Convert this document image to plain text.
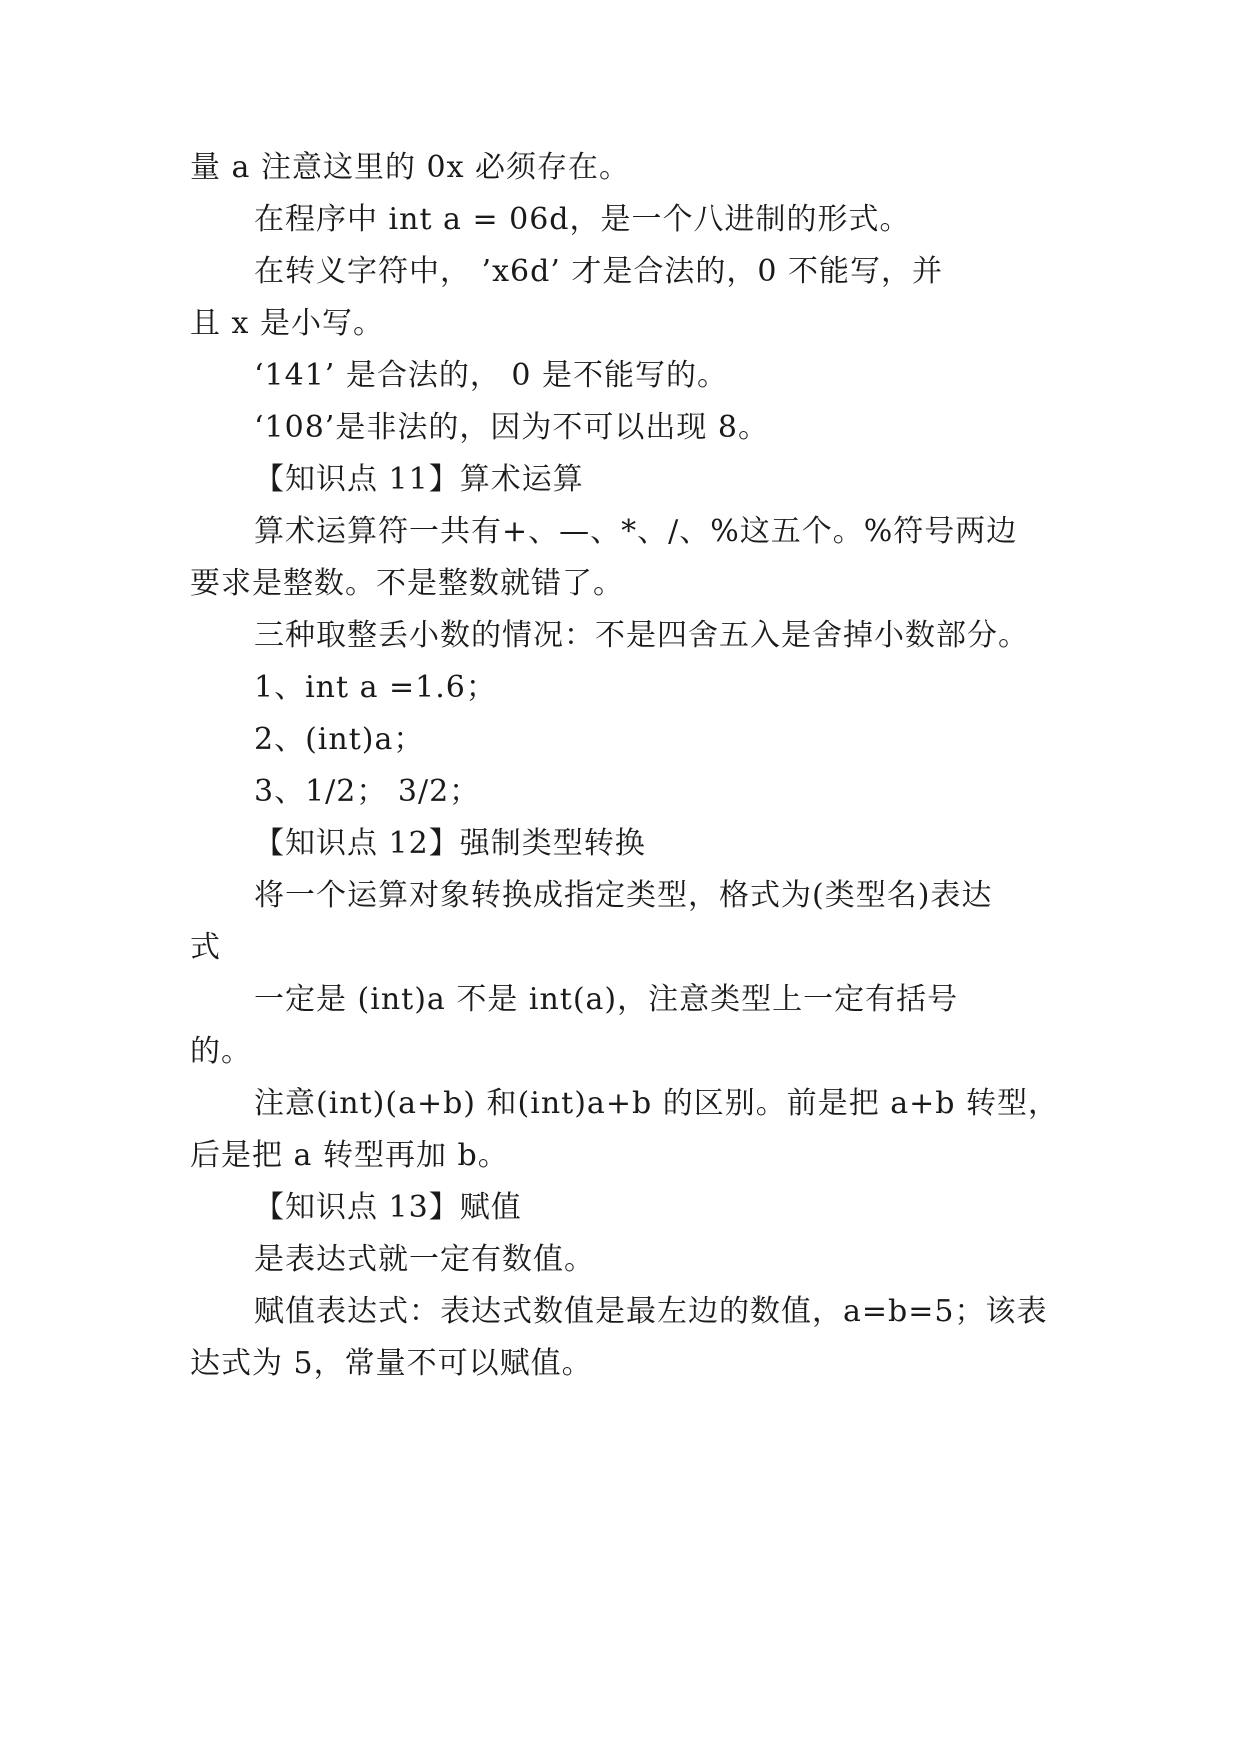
量 a 注意这里的 0x 必须存在。
在程序中 int a = 06d，是一个八进制的形式。
在转义字符中， ’x6d’ 才是合法的，0 不能写，并
且 x 是小写。
‘141’ 是合法的， 0 是不能写的。
‘108’是非法的，因为不可以出现 8。
【知识点 11】算术运算
算术运算符一共有+、—、*、/、%这五个。%符号两边
要求是整数。不是整数就错了。
三种取整丢小数的情况：不是四舍五入是舍掉小数部分。
1、int a =1.6；
2、(int)a；
3、1/2； 3/2；
【知识点 12】强制类型转换
将一个运算对象转换成指定类型，格式为(类型名)表达
式
一定是 (int)a 不是 int(a)，注意类型上一定有括号
的。
注意(int)(a+b) 和(int)a+b 的区别。前是把 a+b 转型，
后是把 a 转型再加 b。
【知识点 13】赋值
是表达式就一定有数值。
赋值表达式：表达式数值是最左边的数值，a=b=5；该表
达式为 5，常量不可以赋值。
